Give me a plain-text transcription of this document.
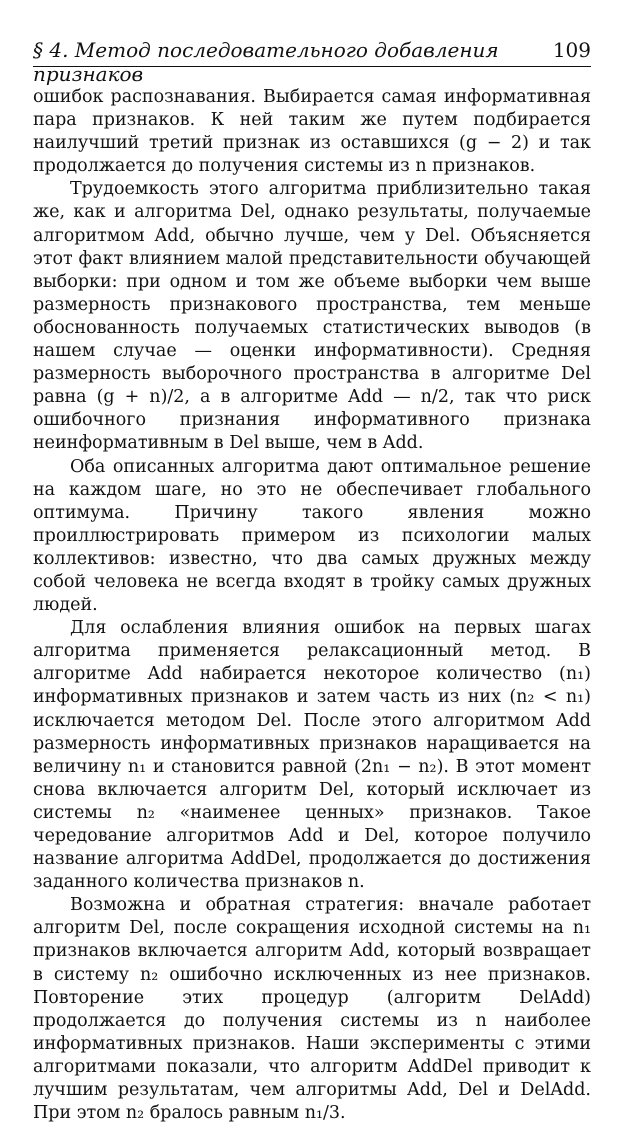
§ 4. Метод последовательного добавления признаков
109

ошибок распознавания. Выбирается самая информативная пара признаков. К ней таким же путем подбирается наилучший третий признак из оставшихся (g − 2) и так продолжается до получения системы из n признаков.

Трудоемкость этого алгоритма приблизительно такая же, как и алгоритма Del, однако результаты, получаемые алгоритмом Add, обычно лучше, чем у Del. Объясняется этот факт влиянием малой представительности обучающей выборки: при одном и том же объеме выборки чем выше размерность признакового пространства, тем меньше обоснованность получаемых статистических выводов (в нашем случае — оценки информативности). Средняя размерность выборочного пространства в алгоритме Del равна (g + n)/2, а в алгоритме Add — n/2, так что риск ошибочного признания информативного признака неинформативным в Del выше, чем в Add.

Оба описанных алгоритма дают оптимальное решение на каждом шаге, но это не обеспечивает глобального оптимума. Причину такого явления можно проиллюстрировать примером из психологии малых коллективов: известно, что два самых дружных между собой человека не всегда входят в тройку самых дружных людей.

Для ослабления влияния ошибок на первых шагах алгоритма применяется релаксационный метод. В алгоритме Add набирается некоторое количество (n₁) информативных признаков и затем часть из них (n₂ < n₁) исключается методом Del. После этого алгоритмом Add размерность информативных признаков наращивается на величину n₁ и становится равной (2n₁ − n₂). В этот момент снова включается алгоритм Del, который исключает из системы n₂ «наименее ценных» признаков. Такое чередование алгоритмов Add и Del, которое получило название алгоритма AddDel, продолжается до достижения заданного количества признаков n.

Возможна и обратная стратегия: вначале работает алгоритм Del, после сокращения исходной системы на n₁ признаков включается алгоритм Add, который возвращает в систему n₂ ошибочно исключенных из нее признаков. Повторение этих процедур (алгоритм DelAdd) продолжается до получения системы из n наиболее информативных признаков. Наши эксперименты с этими алгоритмами показали, что алгоритм AddDel приводит к лучшим результатам, чем алгоритмы Add, Del и DelAdd. При этом n₂ бралось равным n₁/3.
